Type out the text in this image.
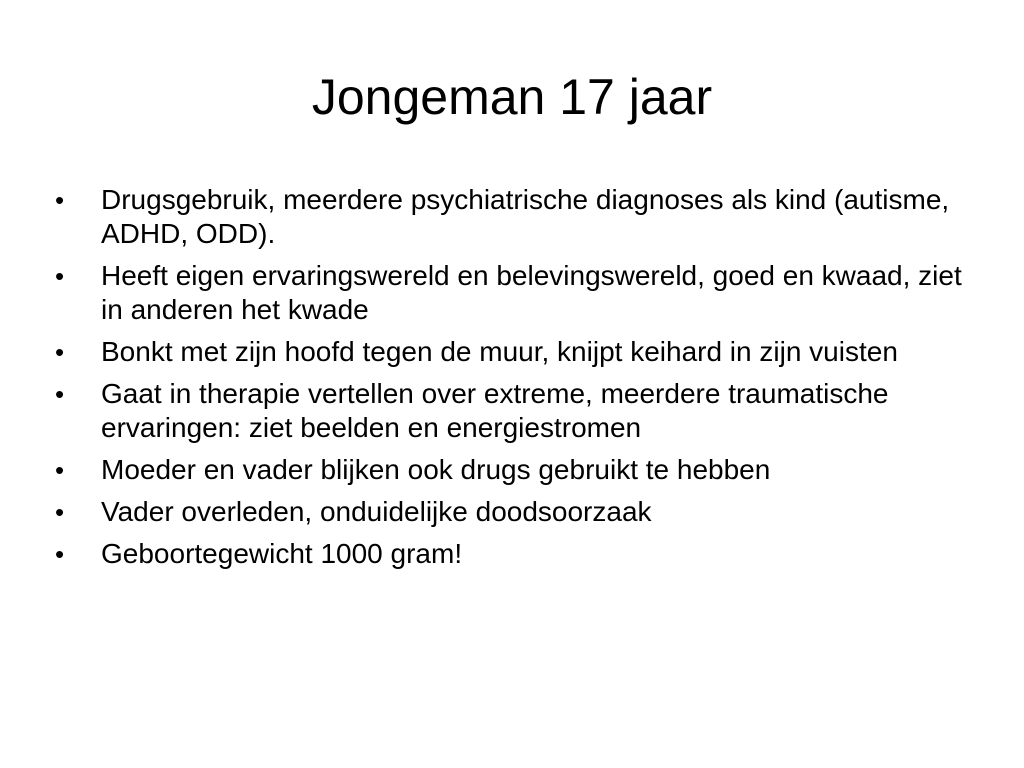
Jongeman 17 jaar
•	Drugsgebruik, meerdere psychiatrische diagnoses als kind (autisme, ADHD, ODD).
•	Heeft eigen ervaringswereld en belevingswereld, goed en kwaad, ziet in anderen het kwade
•	Bonkt met zijn hoofd tegen de muur, knijpt keihard in zijn vuisten
•	Gaat in therapie vertellen over extreme, meerdere traumatische ervaringen: ziet beelden en energiestromen
•	Moeder en vader blijken ook drugs gebruikt te hebben
•	Vader overleden, onduidelijke doodsoorzaak
•	Geboortegewicht 1000 gram!
